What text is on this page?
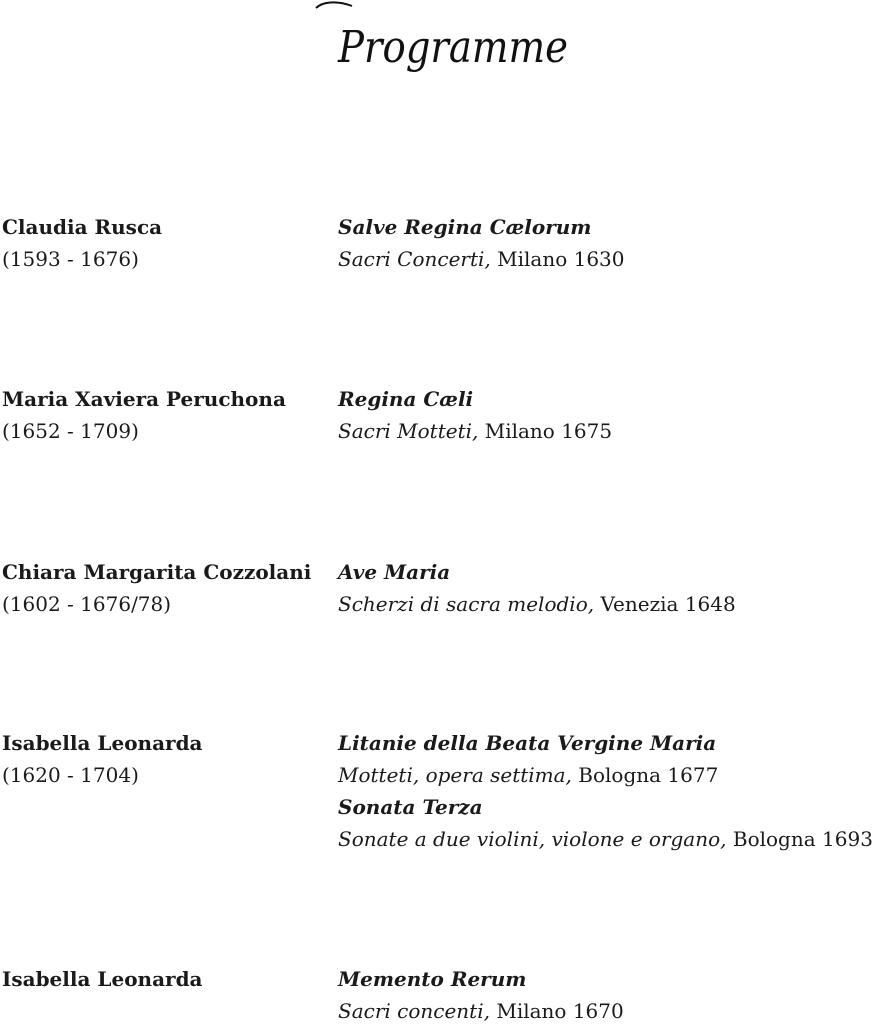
Programme
Claudia Rusca
(1593 - 1676)
Salve Regina Cælorum
Sacri Concerti, Milano 1630
Maria Xaviera Peruchona
(1652 - 1709)
Regina Cæli
Sacri Motteti, Milano 1675
Chiara Margarita Cozzolani
(1602 - 1676/78)
Ave Maria
Scherzi di sacra melodio, Venezia 1648
Isabella Leonarda
(1620 - 1704)
Litanie della Beata Vergine Maria
Motteti, opera settima, Bologna 1677
Sonata Terza
Sonate a due violini, violone e organo, Bologna 1693
Isabella Leonarda	Memento Rerum
Sacri concenti, Milano 1670
